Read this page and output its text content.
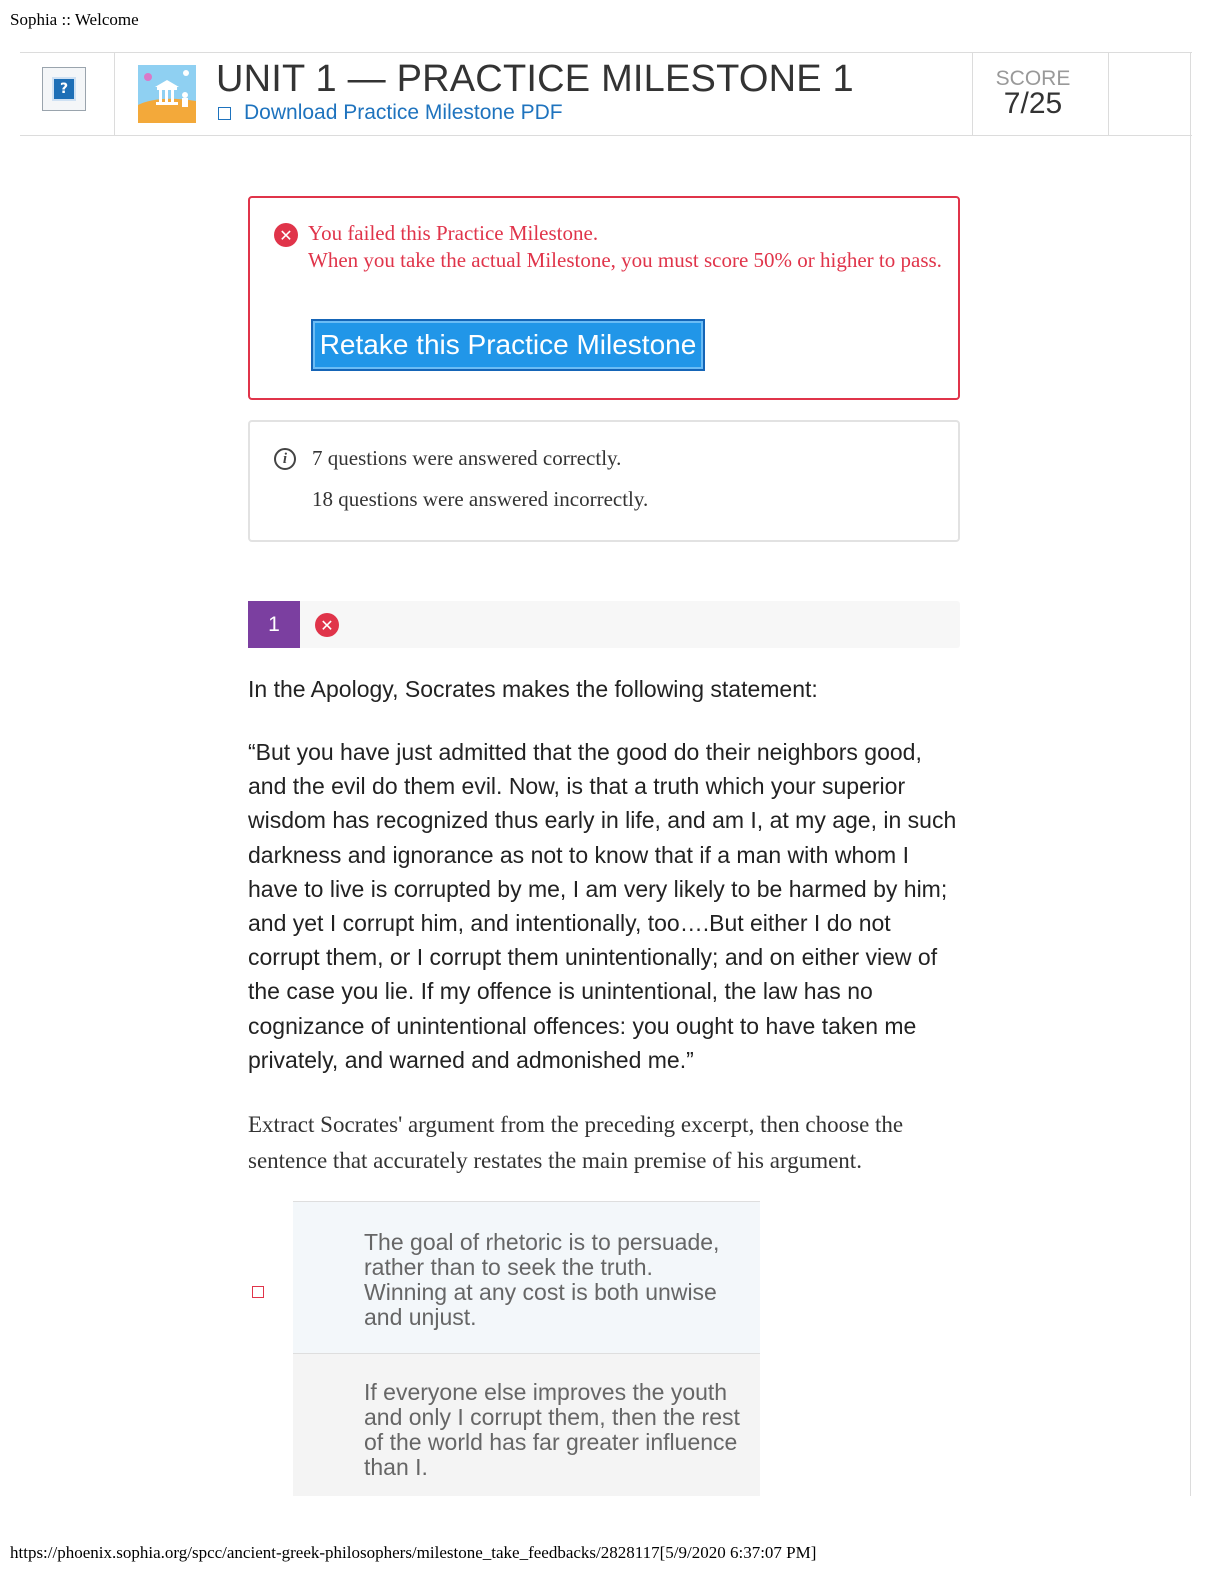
Sophia :: Welcome
?	UNIT 1 — PRACTICE MILESTONE 1
Download Practice Milestone PDF
SCORE
7/25
✕ You failed this Practice Milestone.
When you take the actual Milestone, you must score 50% or higher to pass.
Retake this Practice Milestone
i	7 questions were answered correctly.
18 questions were answered incorrectly.
1	✕
In the Apology, Socrates makes the following statement:
“But you have just admitted that the good do their neighbors good, and the evil do them evil. Now, is that a truth which your superior wisdom has recognized thus early in life, and am I, at my age, in such darkness and ignorance as not to know that if a man with whom I have to live is corrupted by me, I am very likely to be harmed by him; and yet I corrupt him, and intentionally, too….But either I do not corrupt them, or I corrupt them unintentionally; and on either view of the case you lie. If my offence is unintentional, the law has no cognizance of unintentional offences: you ought to have taken me privately, and warned and admonished me.”
Extract Socrates' argument from the preceding excerpt, then choose the sentence that accurately restates the main premise of his argument.
The goal of rhetoric is to persuade, rather than to seek the truth. Winning at any cost is both unwise and unjust.
If everyone else improves the youth and only I corrupt them, then the rest of the world has far greater influence than I.
https://phoenix.sophia.org/spcc/ancient-greek-philosophers/milestone_take_feedbacks/2828117[5/9/2020 6:37:07 PM]
